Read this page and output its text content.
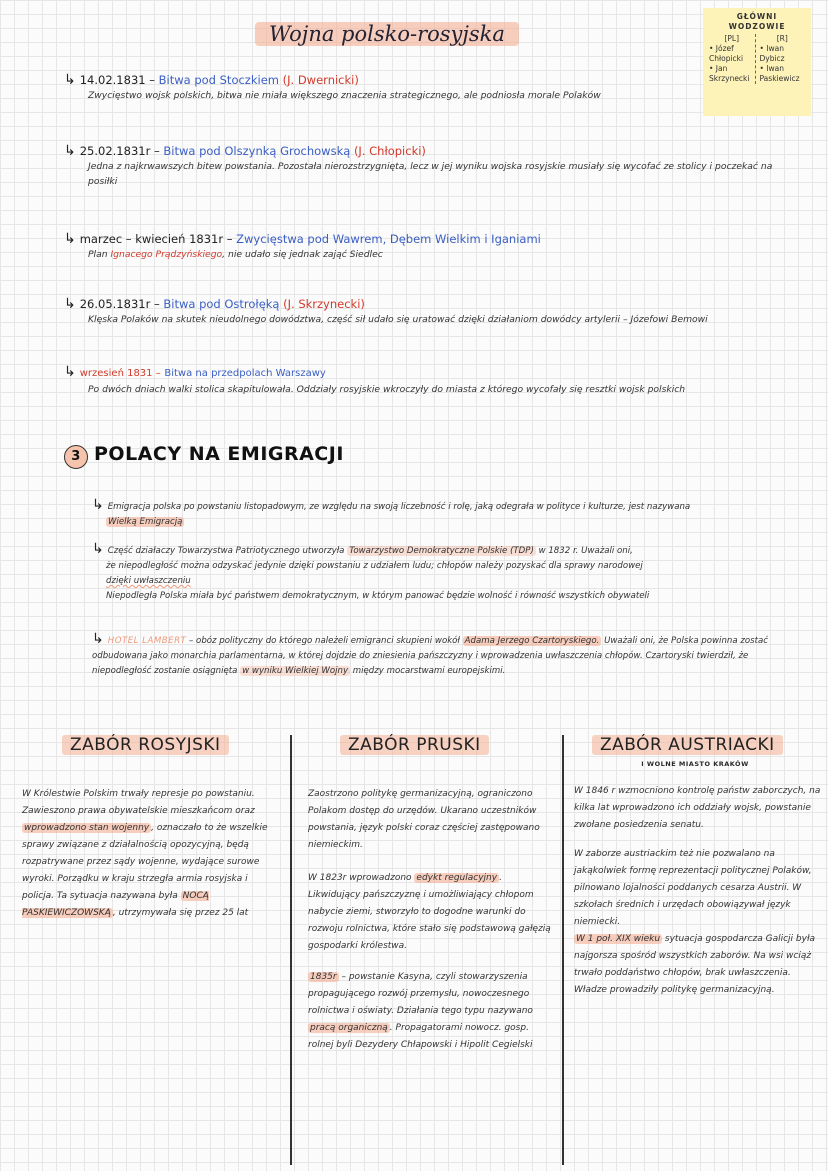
Wojna polsko-rosyjska
GŁÓWNI WODZOWIE
[PL]
• Józef Chłopicki
• Jan Skrzynecki
[R]
• Iwan Dybicz
• Iwan Paskiewicz
↳ 14.02.1831 – Bitwa pod Stoczkiem (J. Dwernicki)
Zwycięstwo wojsk polskich, bitwa nie miała większego znaczenia strategicznego, ale podniosła morale Polaków
↳ 25.02.1831r – Bitwa pod Olszynką Grochowską (J. Chłopicki)
Jedna z najkrwawszych bitew powstania. Pozostała nierozstrzygnięta, lecz w jej wyniku wojska rosyjskie musiały się wycofać ze stolicy i poczekać na posiłki
↳ marzec – kwiecień 1831r – Zwycięstwa pod Wawrem, Dębem Wielkim i Iganiami
Plan Ignacego Prądzyńskiego, nie udało się jednak zająć Siedlec
↳ 26.05.1831r – Bitwa pod Ostrołęką (J. Skrzynecki)
Klęska Polaków na skutek nieudolnego dowództwa, część sił udało się uratować dzięki działaniom dowódcy artylerii – Józefowi Bemowi
↳ wrzesień 1831 – Bitwa na przedpolach Warszawy
Po dwóch dniach walki stolica skapitulowała. Oddziały rosyjskie wkroczyły do miasta z którego wycofały się resztki wojsk polskich
3 POLACY NA EMIGRACJI
↳ Emigracja polska po powstaniu listopadowym, ze względu na swoją liczebność i rolę, jaką odegrała w polityce i kulturze, jest nazywana
Wielką Emigracją
↳ Część działaczy Towarzystwa Patriotycznego utworzyła Towarzystwo Demokratyczne Polskie (TDP) w 1832 r. Uważali oni,
że niepodległość można odzyskać jedynie dzięki powstaniu z udziałem ludu; chłopów należy pozyskać dla sprawy narodowej
dzięki uwłaszczeniu
Niepodległa Polska miała być państwem demokratycznym, w którym panować będzie wolność i równość wszystkich obywateli
↳ HOTEL LAMBERT – obóz polityczny do którego należeli emigranci skupieni wokół Adama Jerzego Czartoryskiego. Uważali oni, że Polska powinna zostać odbudowana jako monarchia parlamentarna, w której dojdzie do zniesienia pańszczyzny i wprowadzenia uwłaszczenia chłopów. Czartoryski twierdził, że niepodległość zostanie osiągnięta w wyniku Wielkiej Wojny między mocarstwami europejskimi.
ZABÓR ROSYJSKI
W Królestwie Polskim trwały represje po powstaniu. Zawieszono prawa obywatelskie mieszkańcom oraz wprowadzono stan wojenny , oznaczało to że wszelkie sprawy związane z działalnością opozycyjną, będą rozpatrywane przez sądy wojenne, wydające surowe wyroki. Porządku w kraju strzegła armia rosyjska i policja. Ta sytuacja nazywana była NOCĄ PASKIEWICZOWSKĄ , utrzymywała się przez 25 lat
ZABÓR PRUSKI
Zaostrzono politykę germanizacyjną, ograniczono Polakom dostęp do urzędów. Ukarano uczestników powstania, język polski coraz częściej zastępowano niemieckim.
W 1823r wprowadzono edykt regulacyjny . Likwidujący pańszczyznę i umożliwiający chłopom nabycie ziemi, stworzyło to dogodne warunki do rozwoju rolnictwa, które stało się podstawową gałęzią gospodarki królestwa.
1835r – powstanie Kasyna, czyli stowarzyszenia propagującego rozwój przemysłu, nowoczesnego rolnictwa i oświaty. Działania tego typu nazywano pracą organiczną . Propagatorami nowocz. gosp. rolnej byli Dezydery Chłapowski i Hipolit Cegielski
ZABÓR AUSTRIACKI
I WOLNE MIASTO KRAKÓW
W 1846 r wzmocniono kontrolę państw zaborczych, na kilka lat wprowadzono ich oddziały wojsk, powstanie zwołane posiedzenia senatu.
W zaborze austriackim też nie pozwalano na jakąkolwiek formę reprezentacji politycznej Polaków, pilnowano lojalności poddanych cesarza Austrii. W szkołach średnich i urzędach obowiązywał język niemiecki.
W 1 poł. XIX wieku sytuacja gospodarcza Galicji była najgorsza spośród wszystkich zaborów. Na wsi wciąż trwało poddaństwo chłopów, brak uwłaszczenia. Władze prowadziły politykę germanizacyjną.
